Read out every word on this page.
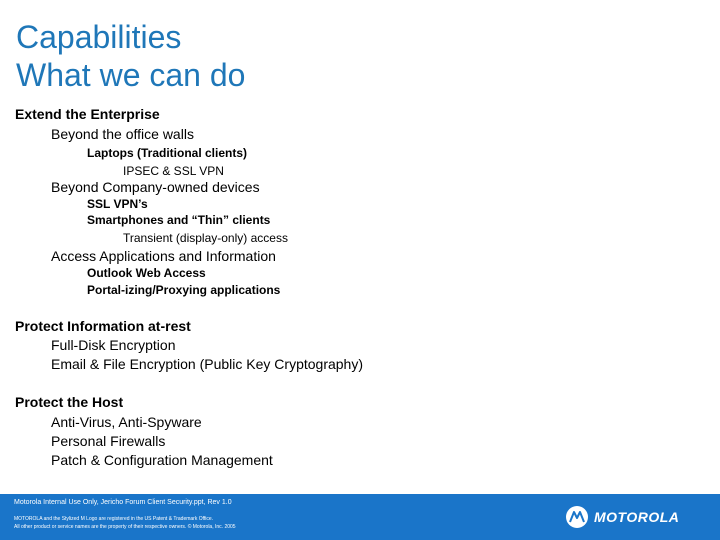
Capabilities
What we can do
Extend the Enterprise
Beyond the office walls
Laptops (Traditional clients)
IPSEC & SSL VPN
Beyond Company-owned devices
SSL VPN’s
Smartphones and “Thin” clients
Transient (display-only) access
Access Applications and Information
Outlook Web Access
Portal-izing/Proxying applications
Protect Information at-rest
Full-Disk Encryption
Email & File Encryption (Public Key Cryptography)
Protect the Host
Anti-Virus, Anti-Spyware
Personal Firewalls
Patch & Configuration Management
Motorola Internal Use Only, Jericho Forum Client Security.ppt, Rev 1.0
MOTOROLA and the Stylized M Logo are registered in the US Patent & Trademark Office.
All other product or service names are the property of their respective owners. © Motorola, Inc. 2005
MOTOROLA
